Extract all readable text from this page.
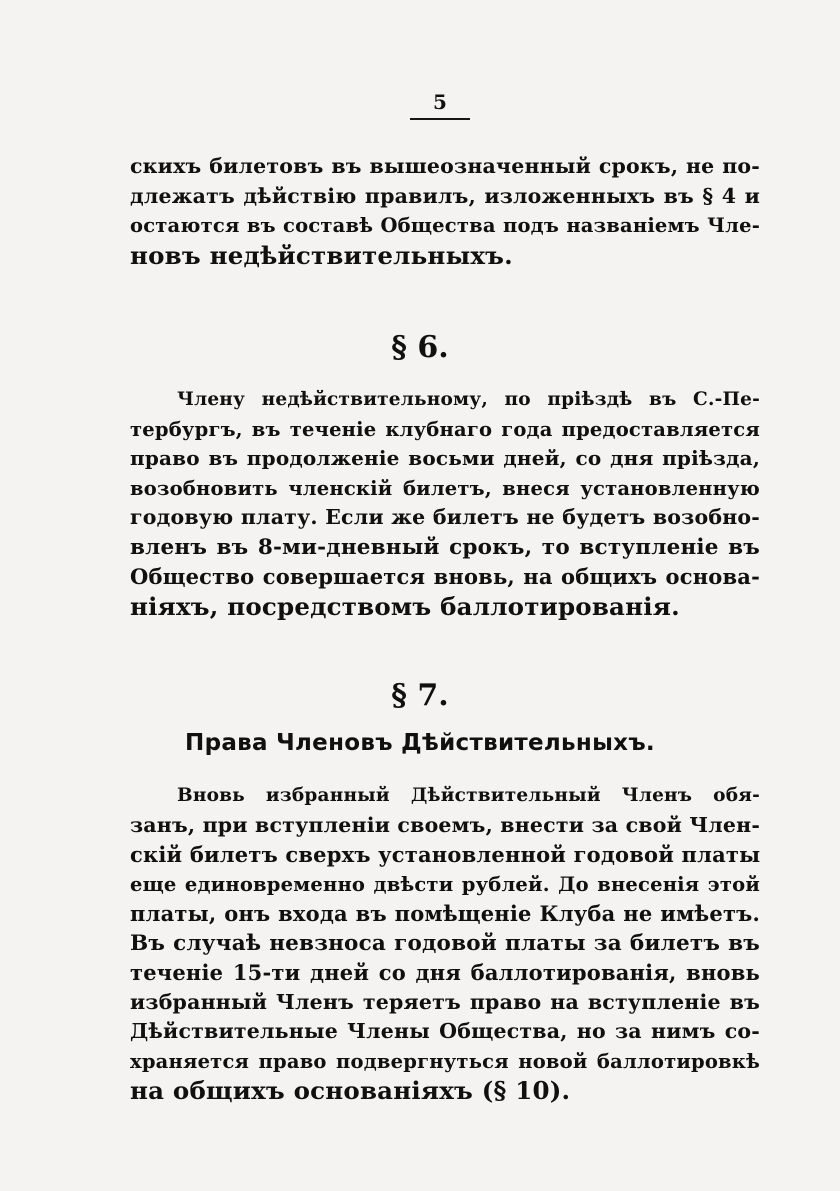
5
скихъ билетовъ въ вышеозначенный срокъ, не по-
длежатъ дѣйствію правилъ, изложенныхъ въ § 4 и
остаются въ составѣ Общества подъ названіемъ Чле-
новъ недѣйствительныхъ.
§ 6.
Члену недѣйствительному, по пріѣздѣ въ С.-Пе-
тербургъ, въ теченіе клубнаго года предоставляется
право въ продолженіе восьми дней, со дня пріѣзда,
возобновить членскій билетъ, внеся установленную
годовую плату. Если же билетъ не будетъ возобно-
вленъ въ 8-ми-дневный срокъ, то вступленіе въ
Общество совершается вновь, на общихъ основа-
ніяхъ, посредствомъ баллотированія.
§ 7.
Права Членовъ Дѣйствительныхъ.
Вновь избранный Дѣйствительный Членъ обя-
занъ, при вступленіи своемъ, внести за свой Член-
скій билетъ сверхъ установленной годовой платы
еще единовременно двѣсти рублей. До внесенія этой
платы, онъ входа въ помѣщеніе Клуба не имѣетъ.
Въ случаѣ невзноса годовой платы за билетъ въ
теченіе 15-ти дней со дня баллотированія, вновь
избранный Членъ теряетъ право на вступленіе въ
Дѣйствительные Члены Общества, но за нимъ со-
храняется право подвергнуться новой баллотировкѣ
на общихъ основаніяхъ (§ 10).
